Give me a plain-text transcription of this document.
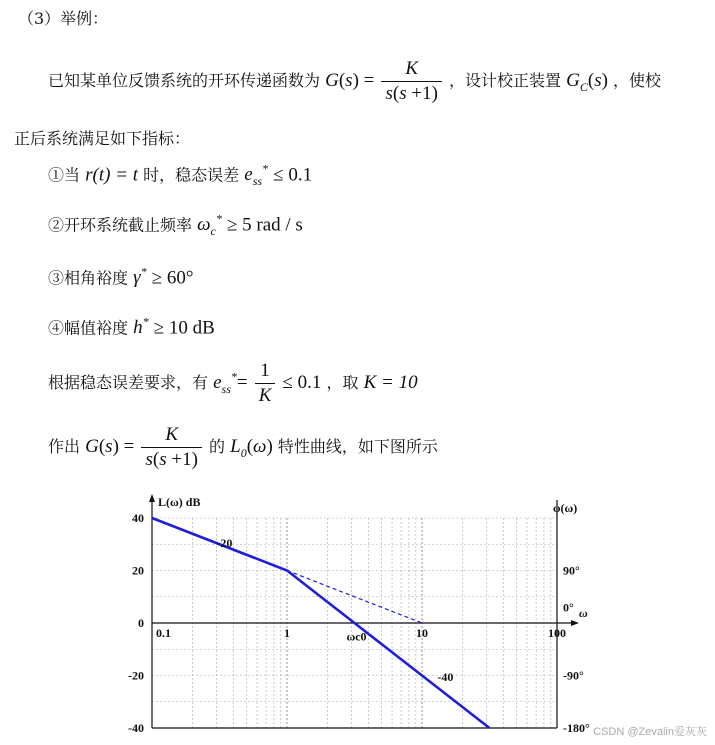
（3）举例：
已知某单位反馈系统的开环传递函数为 $G(s) = \frac{K}{s(s +1)}$ ，设计校正装置 $G_C(s)$ ，使校
正后系统满足如下指标：
①当 r(t) = t 时，稳态误差 $e_{ss}^* \le 0.1$
②开环系统截止频率 $\omega_c^* \ge 5$ rad / s
③相角裕度 γ* ≥ 60°
④幅值裕度 h* ≥ 10 dB
根据稳态误差要求，有 $e_{ss}^*= \frac{1}{K} \le 0.1$ ，取 K = 10
作出 $G(s) = \frac{K}{s(s +1)}$ 的 $L_0(\omega)$ 特性曲线，如下图所示
40
20
0
-20
-40
0.1	1	10	100
90°
0°
-90°
-180°
L(ω) dB	φ(ω)
ω
-20
-40
ωc0
CSDN @Zevalin爱灰灰
